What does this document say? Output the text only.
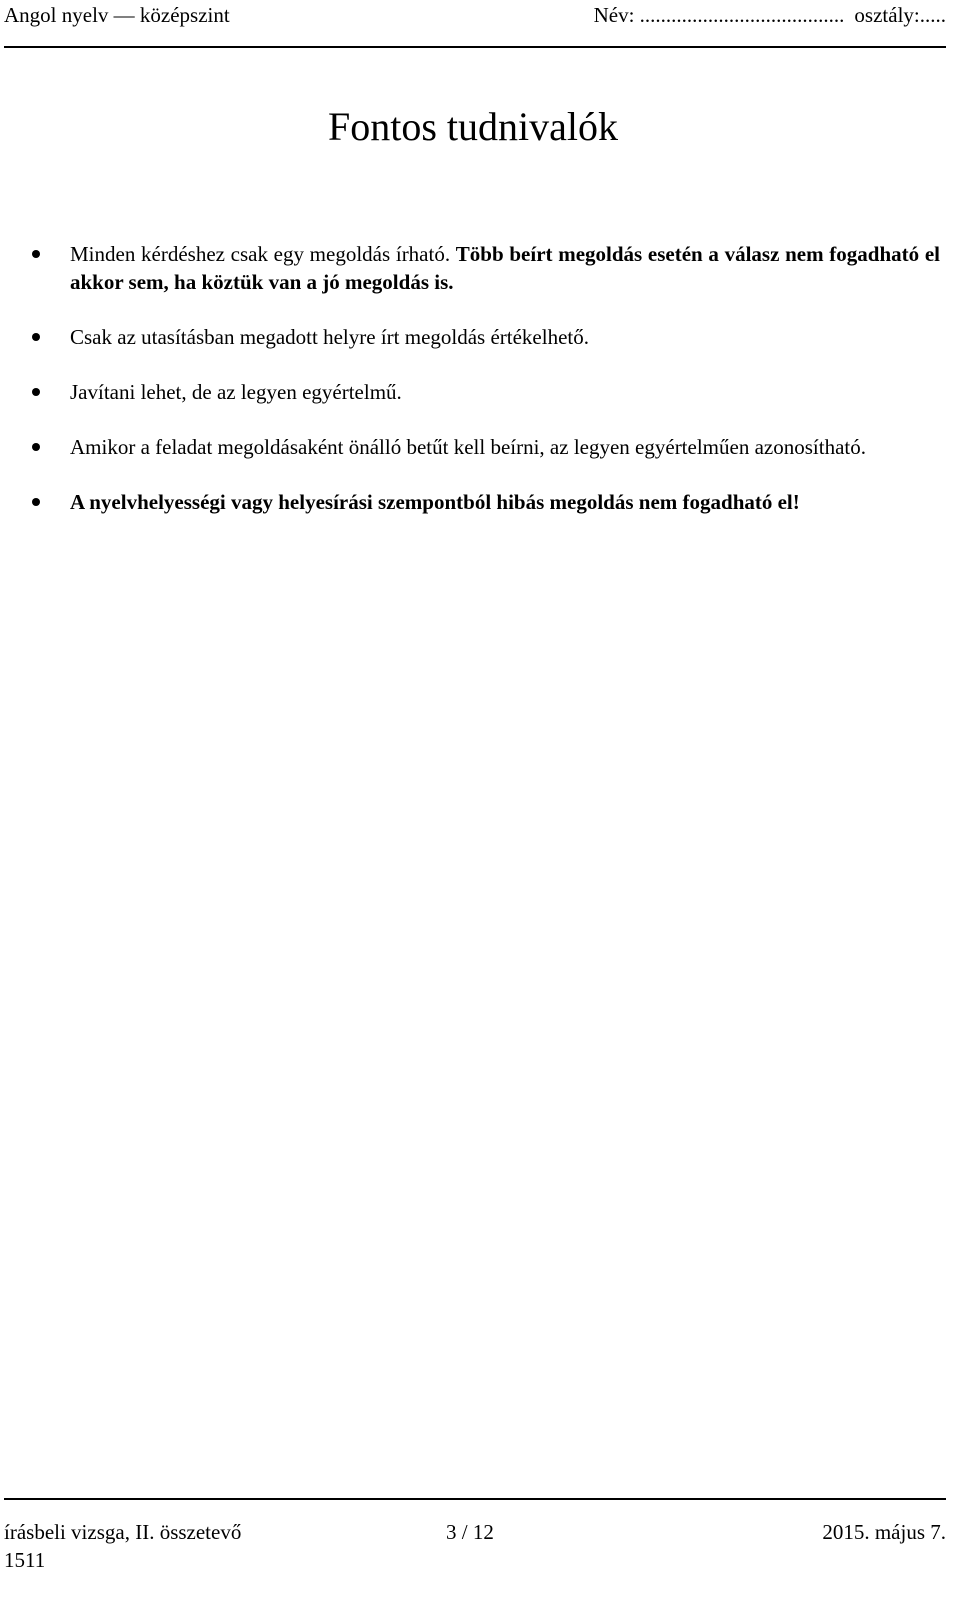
Angol nyelv — középszint	Név: ....................................... osztály:.....
Fontos tudnivalók
Minden kérdéshez csak egy megoldás írható. Több beírt megoldás esetén a válasz nem fogadható el akkor sem, ha köztük van a jó megoldás is.
Csak az utasításban megadott helyre írt megoldás értékelhető.
Javítani lehet, de az legyen egyértelmű.
Amikor a feladat megoldásaként önálló betűt kell beírni, az legyen egyértelműen azonosítható.
A nyelvhelyességi vagy helyesírási szempontból hibás megoldás nem fogadható el!
írásbeli vizsga, II. összetevő	3 / 12	2015. május 7.
1511
